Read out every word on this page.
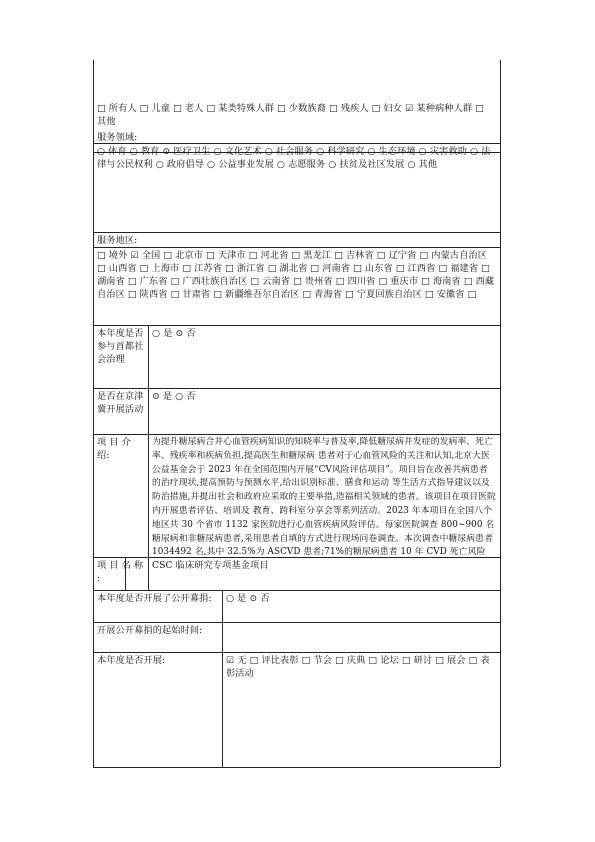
□ 所有人 □ 儿童 □ 老人 □ 某类特殊人群 □ 少数族裔 □ 残疾人 □ 妇女 ☑ 某种病种人群 □ 其他
服务领域:
○ 体育 ○ 教育 ⊙ 医疗卫生 ○ 文化艺术 ○ 社会服务 ○ 科学研究 ○ 生态环境 ○ 灾害救助 ○ 法律与公民权利 ○ 政府倡导 ○ 公益事业发展 ○ 志愿服务 ○ 扶贫及社区发展 ○ 其他
服务地区:
□ 境外 ☑ 全国 □ 北京市 □ 天津市 □ 河北省 □ 黑龙江 □ 吉林省 □ 辽宁省 □ 内蒙古自治区 □ 山西省 □ 上海市 □ 江苏省 □ 浙江省 □ 湖北省 □ 河南省 □ 山东省 □ 江西省 □ 福建省 □ 湖南省 □ 广东省 □ 广西壮族自治区 □ 云南省 □ 贵州省 □ 四川省 □ 重庆市 □ 海南省 □ 西藏自治区 □ 陕西省 □ 甘肃省 □ 新疆维吾尔自治区 □ 青海省 □ 宁夏回族自治区 □ 安徽省 □
本年度是否参与首都社会治理
○ 是 ⊙ 否
是否在京津冀开展活动
⊙ 是 ○ 否
项 目 介 绍:
为提升糖尿病合并心血管疾病知识的知晓率与普及率,降低糖尿病并发症的发病率、死亡率、残疾率和疾病负担,提高医生和糖尿病 患者对于心血管风险的关注和认知,北京大医公益基金会于 2023 年在全国范围内开展“CV风险评估项目”。项目旨在改善共病患者的治疗现状,提高预防与预测水平,给出识别标准、膳食和运动 等生活方式指导建议以及防治措施,并提出社会和政府应采取的主要举措,造福相关领域的患者。该项目在项目医院内开展患者评估、培训及 教育、跨科室分享会等系列活动。2023 年本项目在全国八个地区共 30 个省市 1132 家医院进行心血管疾病风险评估。每家医院调查 800~900 名糖尿病和非糖尿病患者,采用患者自填的方式进行现场问卷调查。本次调查中糖尿病患者 1034492 名,其中 32.5%为 ASCVD 患者;71%的糖尿病患者 10 年 CVD 死亡风险
项 目 名 称 :
CSC 临床研究专项基金项目
本年度是否开展了公开募捐:	○ 是 ⊙ 否
开展公开募捐的起始时间:
本年度是否开展:	☑ 无 □ 评比表彰 □ 节会 □ 庆典 □ 论坛 □ 研讨 □ 展会 □ 表彰活动
